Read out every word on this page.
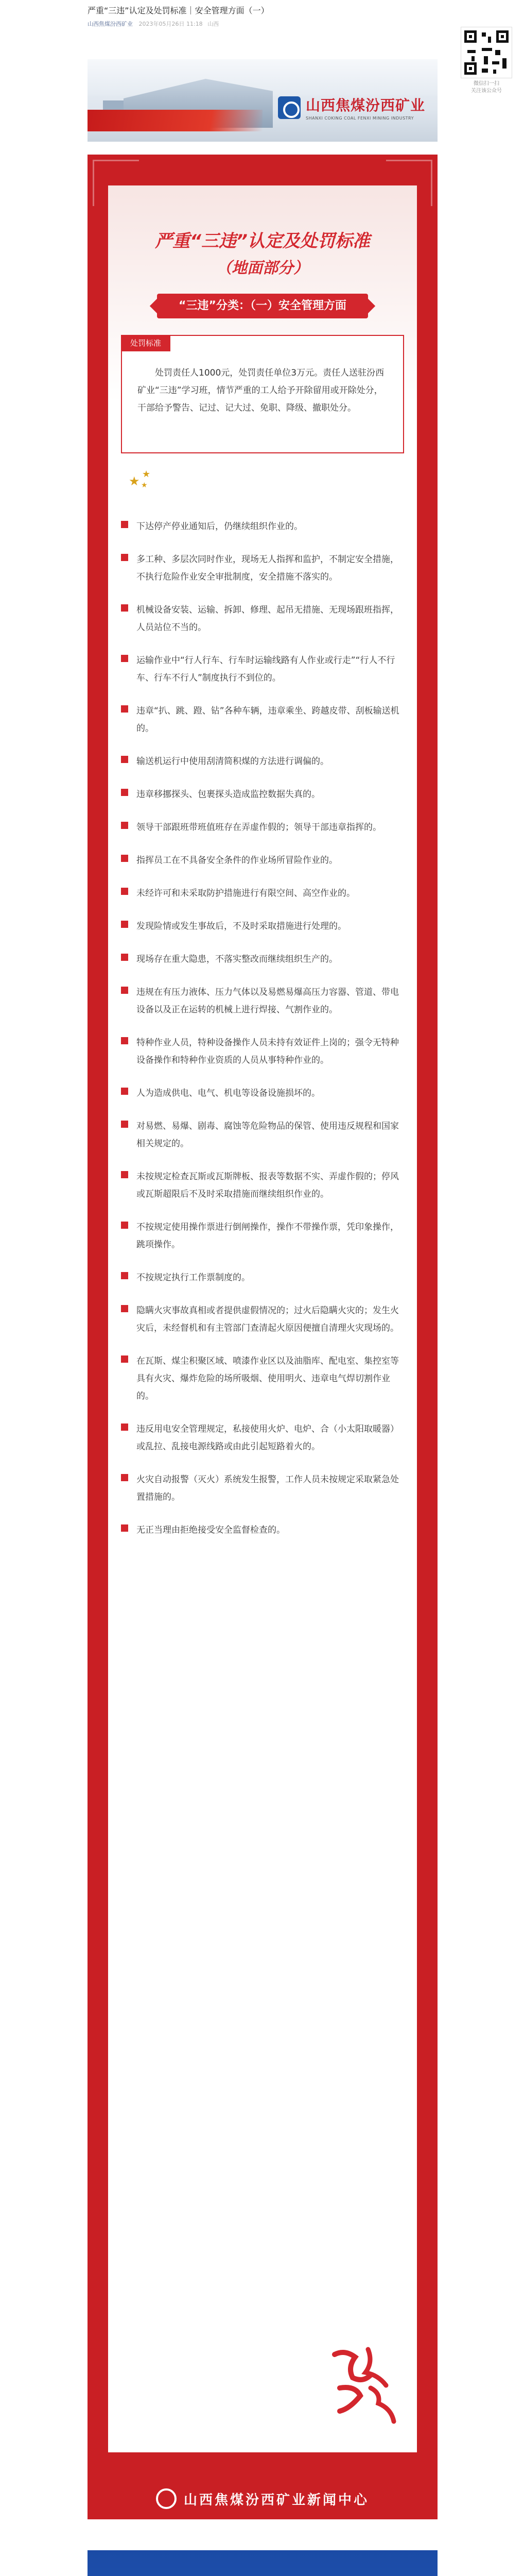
严重“三违”认定及处罚标准｜安全管理方面（一）
山西焦煤汾西矿业 2023年05月26日 11:18 山西
微信扫一扫
关注该公众号
山西焦煤汾西矿业
SHANXI COKING COAL FENXI MINING INDUSTRY
严重“三违”认定及处罚标准
（地面部分）
“三违”分类：（一）安全管理方面
处罚标准
处罚责任人1000元，处罚责任单位3万元。责任人送驻汾西矿业“三违”学习班，情节严重的工人给予开除留用或开除处分，干部给予警告、记过、记大过、免职、降级、撤职处分。
★ ★
★
下达停产停业通知后，仍继续组织作业的。
多工种、多层次同时作业，现场无人指挥和监护，不制定安全措施，不执行危险作业安全审批制度，安全措施不落实的。
机械设备安装、运输、拆卸、修理、起吊无措施、无现场跟班指挥，人员站位不当的。
运输作业中“行人行车、行车时运输线路有人作业或行走”“行人不行车、行车不行人”制度执行不到位的。
违章“扒、跳、蹬、钻”各种车辆，违章乘坐、跨越皮带、刮板输送机的。
输送机运行中使用刮清简积煤的方法进行调偏的。
违章移挪探头、包裹探头造成监控数据失真的。
领导干部跟班带班值班存在弄虚作假的；领导干部违章指挥的。
指挥员工在不具备安全条件的作业场所冒险作业的。
未经许可和未采取防护措施进行有限空间、高空作业的。
发现险情或发生事故后，不及时采取措施进行处理的。
现场存在重大隐患，不落实整改而继续组织生产的。
违规在有压力液体、压力气体以及易燃易爆高压力容器、管道、带电设备以及正在运转的机械上进行焊接、气割作业的。
特种作业人员，特种设备操作人员未持有效证件上岗的；强令无特种设备操作和特种作业资质的人员从事特种作业的。
人为造成供电、电气、机电等设备设施损坏的。
对易燃、易爆、剧毒、腐蚀等危险物品的保管、使用违反规程和国家相关规定的。
未按规定检查瓦斯或瓦斯牌板、报表等数据不实、弄虚作假的；停风或瓦斯超限后不及时采取措施而继续组织作业的。
不按规定使用操作票进行倒闸操作，操作不带操作票，凭印象操作，跳项操作。
不按规定执行工作票制度的。
隐瞒火灾事故真相或者提供虚假情况的；过火后隐瞒火灾的；发生火灾后，未经督机和有主管部门查清起火原因便擅自清理火灾现场的。
在瓦斯、煤尘积聚区域、喷漆作业区以及油脂库、配电室、集控室等具有火灾、爆炸危险的场所吸烟、使用明火、违章电气焊切割作业的。
违反用电安全管理规定，私接使用火炉、电炉、合（小太阳取暖器）或乱拉、乱接电源线路或由此引起短路着火的。
火灾自动报警（灭火）系统发生报警，工作人员未按规定采取紧急处置措施的。
无正当理由拒绝接受安全监督检查的。
山西焦煤汾西矿业新闻中心
